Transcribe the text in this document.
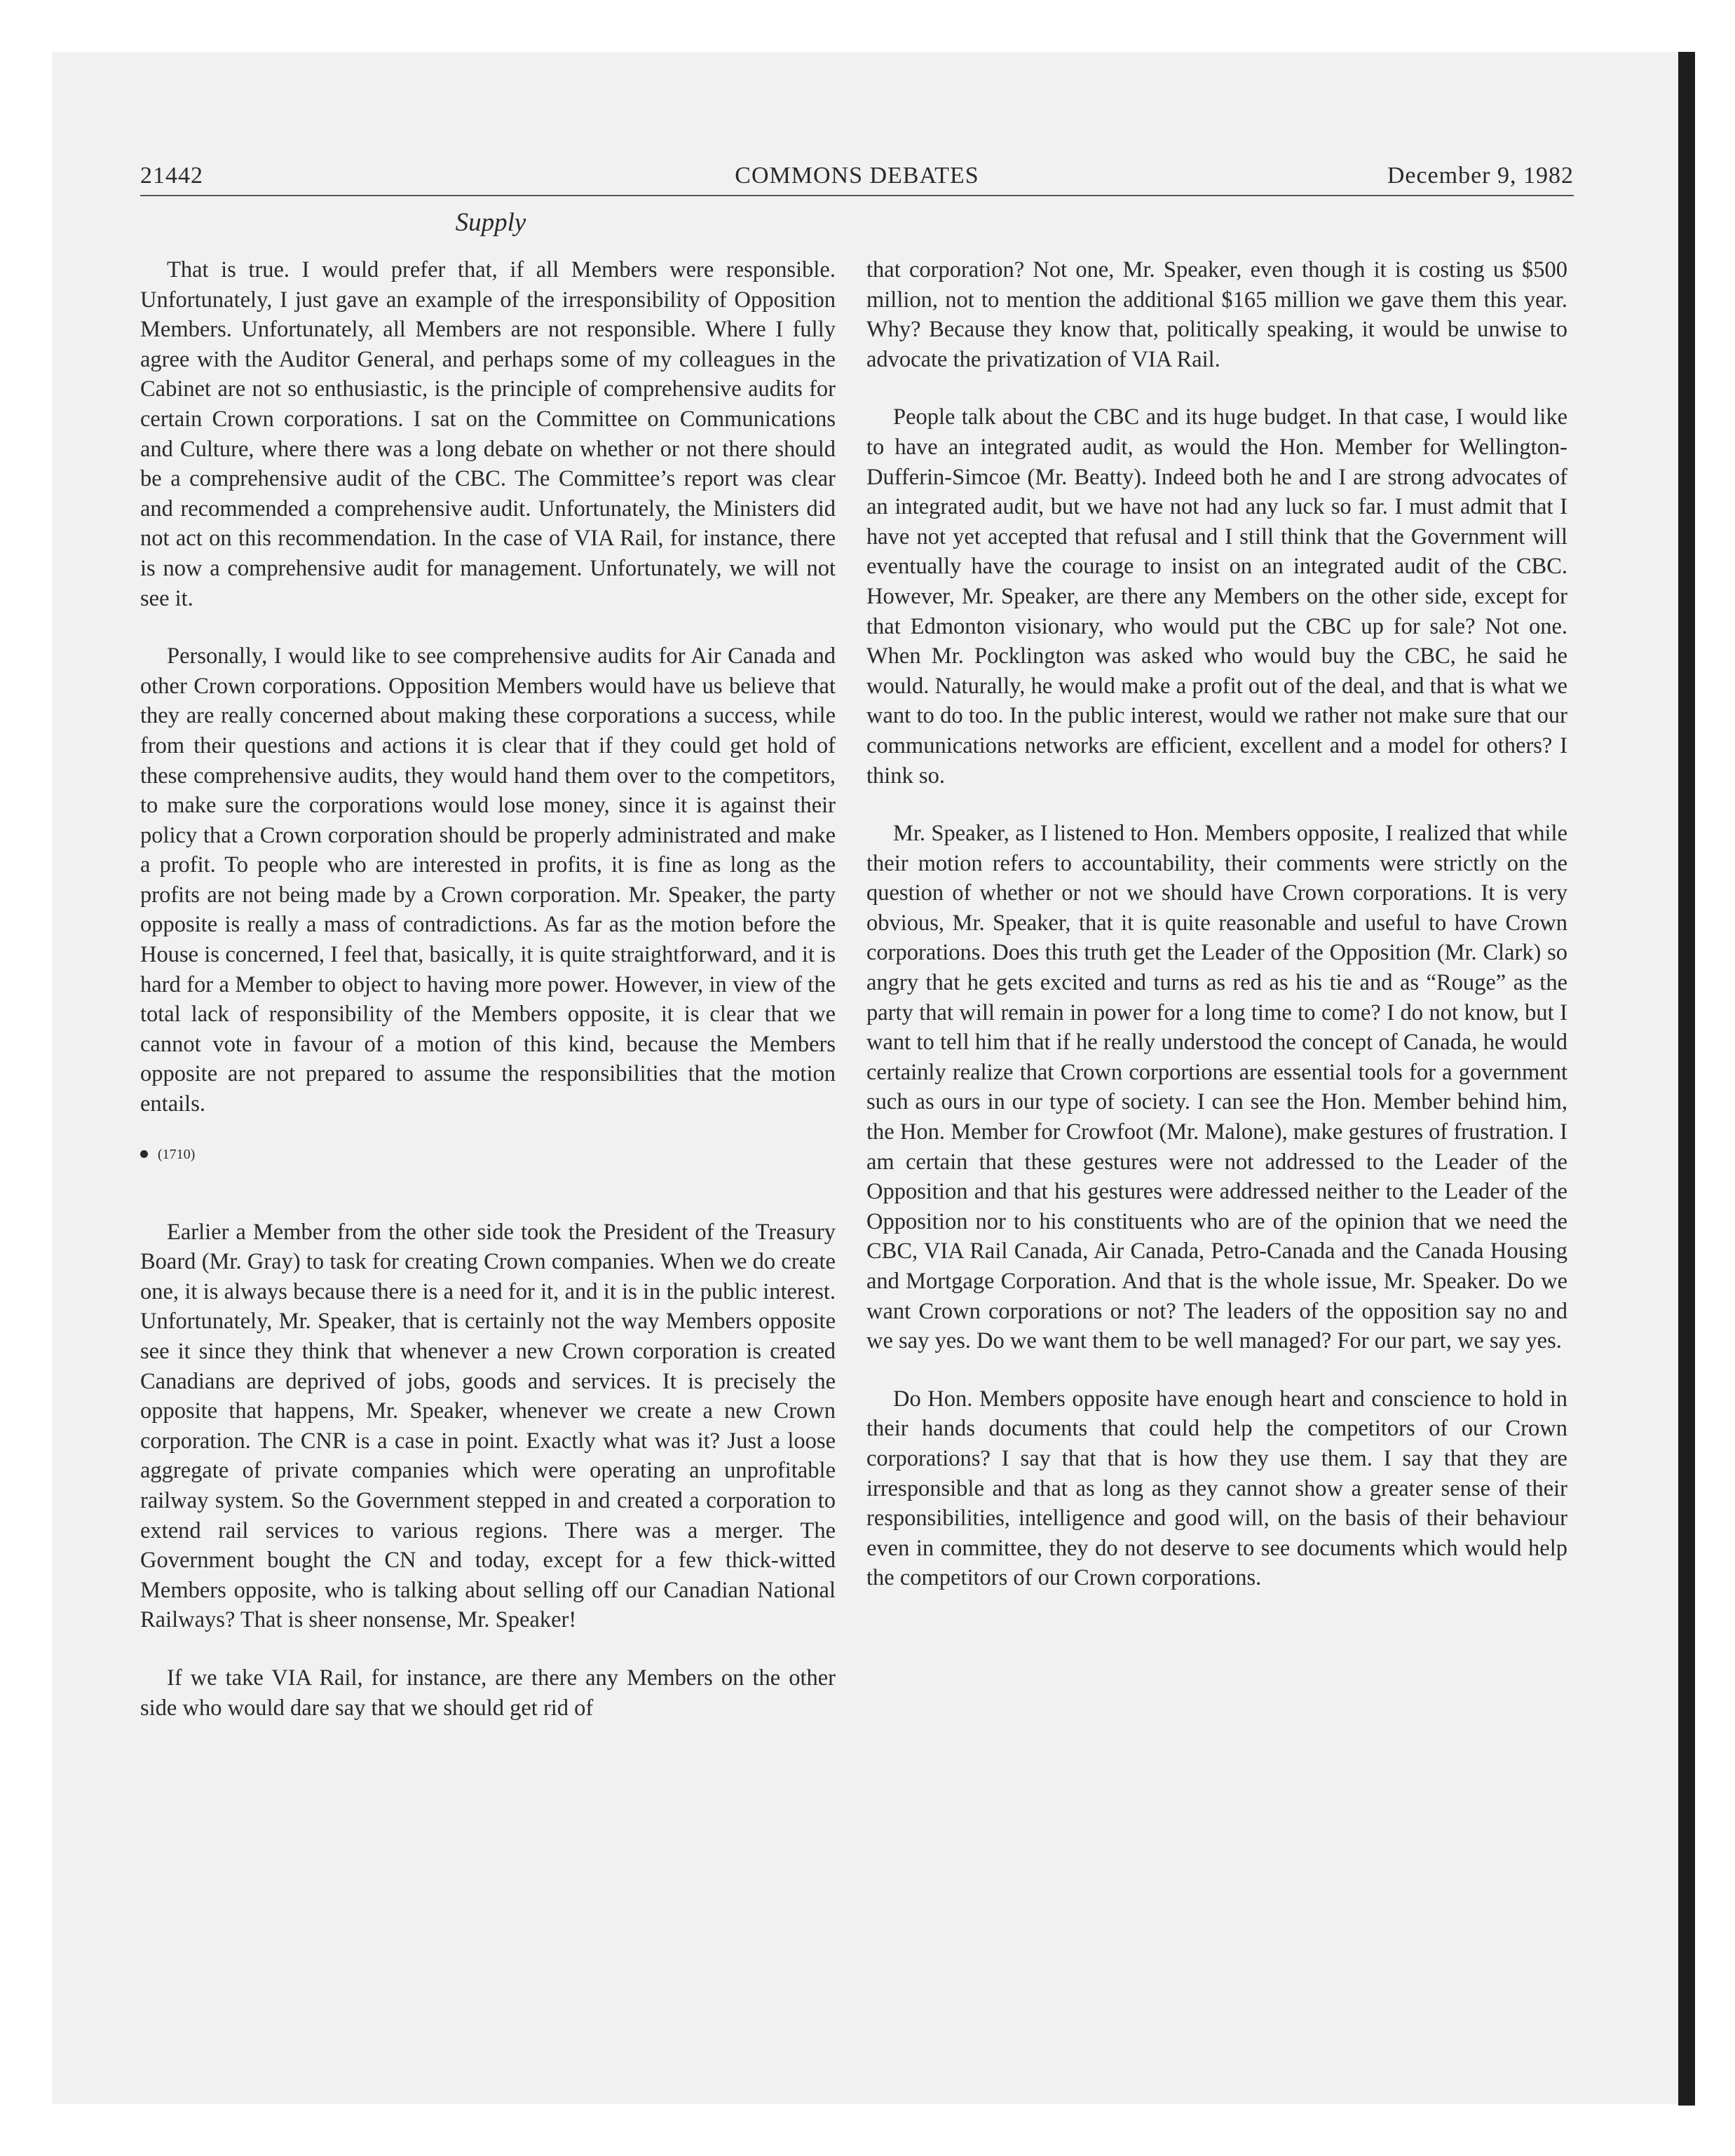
COMMONS DEBATES
21442	December 9, 1982
Supply

That is true. I would prefer that, if all Members were responsible. Unfortunately, I just gave an example of the irresponsibility of Opposition Members. Unfortunately, all Members are not responsible. Where I fully agree with the Auditor General, and perhaps some of my colleagues in the Cabinet are not so enthusiastic, is the principle of comprehensive audits for certain Crown corporations. I sat on the Committee on Communications and Culture, where there was a long debate on whether or not there should be a comprehensive audit of the CBC. The Committee’s report was clear and recommended a comprehensive audit. Unfortunately, the Ministers did not act on this recommendation. In the case of VIA Rail, for instance, there is now a comprehensive audit for management. Unfortunately, we will not see it.

Personally, I would like to see comprehensive audits for Air Canada and other Crown corporations. Opposition Members would have us believe that they are really concerned about making these corporations a success, while from their questions and actions it is clear that if they could get hold of these comprehensive audits, they would hand them over to the competitors, to make sure the corporations would lose money, since it is against their policy that a Crown corporation should be properly administrated and make a profit. To people who are interested in profits, it is fine as long as the profits are not being made by a Crown corporation. Mr. Speaker, the party opposite is really a mass of contradictions. As far as the motion before the House is concerned, I feel that, basically, it is quite straightforward, and it is hard for a Member to object to having more power. However, in view of the total lack of responsibility of the Members opposite, it is clear that we cannot vote in favour of a motion of this kind, because the Members opposite are not prepared to assume the responsibilities that the motion entails.

(1710)

Earlier a Member from the other side took the President of the Treasury Board (Mr. Gray) to task for creating Crown companies. When we do create one, it is always because there is a need for it, and it is in the public interest. Unfortunately, Mr. Speaker, that is certainly not the way Members opposite see it since they think that whenever a new Crown corporation is created Canadians are deprived of jobs, goods and services. It is precisely the opposite that happens, Mr. Speaker, whenever we create a new Crown corporation. The CNR is a case in point. Exactly what was it? Just a loose aggregate of private companies which were operating an unprofitable railway system. So the Government stepped in and created a corporation to extend rail services to various regions. There was a merger. The Government bought the CN and today, except for a few thick-witted Members opposite, who is talking about selling off our Canadian National Railways? That is sheer nonsense, Mr. Speaker!

If we take VIA Rail, for instance, are there any Members on the other side who would dare say that we should get rid of

that corporation? Not one, Mr. Speaker, even though it is costing us $500 million, not to mention the additional $165 million we gave them this year. Why? Because they know that, politically speaking, it would be unwise to advocate the privatization of VIA Rail.

People talk about the CBC and its huge budget. In that case, I would like to have an integrated audit, as would the Hon. Member for Wellington-Dufferin-Simcoe (Mr. Beatty). Indeed both he and I are strong advocates of an integrated audit, but we have not had any luck so far. I must admit that I have not yet accepted that refusal and I still think that the Government will eventually have the courage to insist on an integrated audit of the CBC. However, Mr. Speaker, are there any Members on the other side, except for that Edmonton visionary, who would put the CBC up for sale? Not one. When Mr. Pocklington was asked who would buy the CBC, he said he would. Naturally, he would make a profit out of the deal, and that is what we want to do too. In the public interest, would we rather not make sure that our communications networks are efficient, excellent and a model for others? I think so.

Mr. Speaker, as I listened to Hon. Members opposite, I realized that while their motion refers to accountability, their comments were strictly on the question of whether or not we should have Crown corporations. It is very obvious, Mr. Speaker, that it is quite reasonable and useful to have Crown corporations. Does this truth get the Leader of the Opposition (Mr. Clark) so angry that he gets excited and turns as red as his tie and as “Rouge” as the party that will remain in power for a long time to come? I do not know, but I want to tell him that if he really understood the concept of Canada, he would certainly realize that Crown corportions are essential tools for a government such as ours in our type of society. I can see the Hon. Member behind him, the Hon. Member for Crowfoot (Mr. Malone), make gestures of frustration. I am certain that these gestures were not addressed to the Leader of the Opposition and that his gestures were addressed neither to the Leader of the Opposition nor to his constituents who are of the opinion that we need the CBC, VIA Rail Canada, Air Canada, Petro-Canada and the Canada Housing and Mortgage Corporation. And that is the whole issue, Mr. Speaker. Do we want Crown corporations or not? The leaders of the opposition say no and we say yes. Do we want them to be well managed? For our part, we say yes.

Do Hon. Members opposite have enough heart and conscience to hold in their hands documents that could help the competitors of our Crown corporations? I say that that is how they use them. I say that they are irresponsible and that as long as they cannot show a greater sense of their responsibilities, intelligence and good will, on the basis of their behaviour even in committee, they do not deserve to see documents which would help the competitors of our Crown corporations.
